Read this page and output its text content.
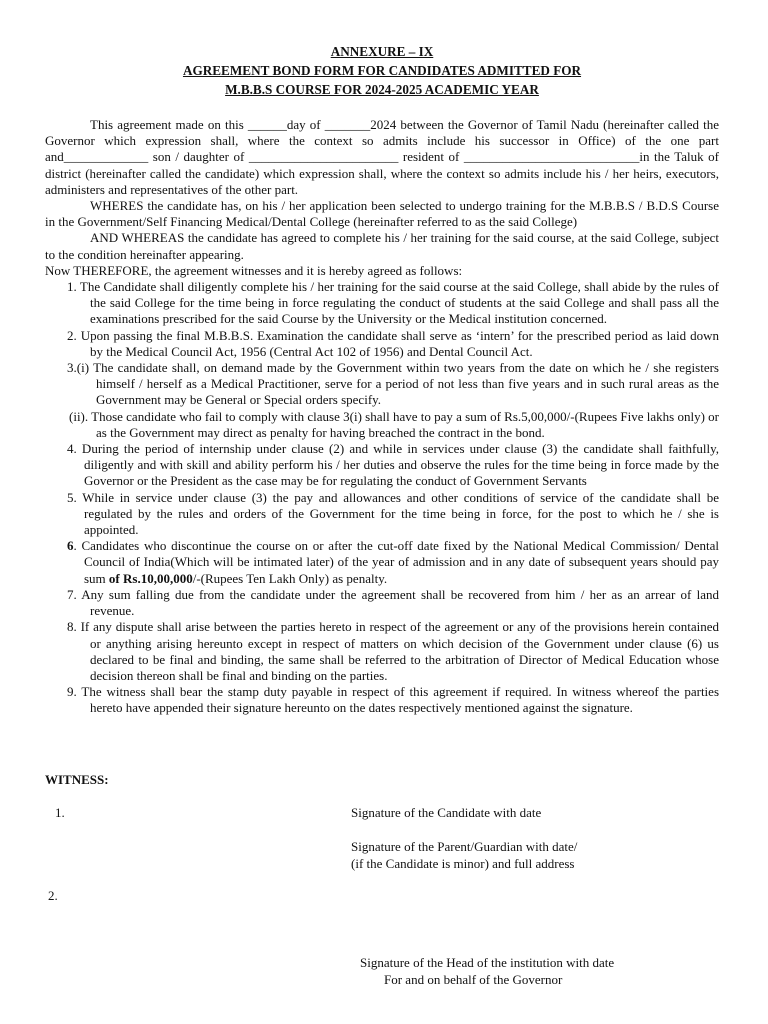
ANNEXURE – IX
AGREEMENT BOND FORM FOR CANDIDATES ADMITTED FOR
M.B.B.S COURSE FOR 2024-2025 ACADEMIC YEAR

This agreement made on this ______day of _______2024 between the Governor of Tamil Nadu (hereinafter called the Governor which expression shall, where the context so admits include his successor in Office) of the one part and_____________ son / daughter of _______________________ resident of ___________________________in the Taluk of district (hereinafter called the candidate) which expression shall, where the context so admits include his / her heirs, executors, administers and representatives of the other part.

WHERES the candidate has, on his / her application been selected to undergo training for the M.B.B.S / B.D.S Course in the Government/Self Financing Medical/Dental College (hereinafter referred to as the said College)

AND WHEREAS the candidate has agreed to complete his / her training for the said course, at the said College, subject to the condition hereinafter appearing.

Now THEREFORE, the agreement witnesses and it is hereby agreed as follows:

1. The Candidate shall diligently complete his / her training for the said course at the said College, shall abide by the rules of the said College for the time being in force regulating the conduct of students at the said College and shall pass all the examinations prescribed for the said Course by the University or the Medical institution concerned.

2. Upon passing the final M.B.B.S. Examination the candidate shall serve as ‘intern’ for the prescribed period as laid down by the Medical Council Act, 1956 (Central Act 102 of 1956) and Dental Council Act.

3.(i) The candidate shall, on demand made by the Government within two years from the date on which he / she registers himself / herself as a Medical Practitioner, serve for a period of not less than five years and in such rural areas as the Government may be General or Special orders specify.

(ii). Those candidate who fail to comply with clause 3(i) shall have to pay a sum of Rs.5,00,000/-(Rupees Five lakhs only) or as the Government may direct as penalty for having breached the contract in the bond.

4. During the period of internship under clause (2) and while in services under clause (3) the candidate shall faithfully, diligently and with skill and ability perform his / her duties and observe the rules for the time being in force made by the Governor or the President as the case may be for regulating the conduct of Government Servants

5. While in service under clause (3) the pay and allowances and other conditions of service of the candidate shall be regulated by the rules and orders of the Government for the time being in force, for the post to which he / she is appointed.

6. Candidates who discontinue the course on or after the cut-off date fixed by the National Medical Commission/ Dental Council of India(Which will be intimated later) of the year of admission and in any date of subsequent years should pay sum of Rs.10,00,000/-(Rupees Ten Lakh Only) as penalty.

7. Any sum falling due from the candidate under the agreement shall be recovered from him / her as an arrear of land revenue.

8. If any dispute shall arise between the parties hereto in respect of the agreement or any of the provisions herein contained or anything arising hereunto except in respect of matters on which decision of the Government under clause (6) us declared to be final and binding, the same shall be referred to the arbitration of Director of Medical Education whose decision thereon shall be final and binding on the parties.

9. The witness shall bear the stamp duty payable in respect of this agreement if required. In witness whereof the parties hereto have appended their signature hereunto on the dates respectively mentioned against the signature.

WITNESS:
1.	Signature of the Candidate with date
Signature of the Parent/Guardian with date/
(if the Candidate is minor) and full address
2.
Signature of the Head of the institution with date
For and on behalf of the Governor
